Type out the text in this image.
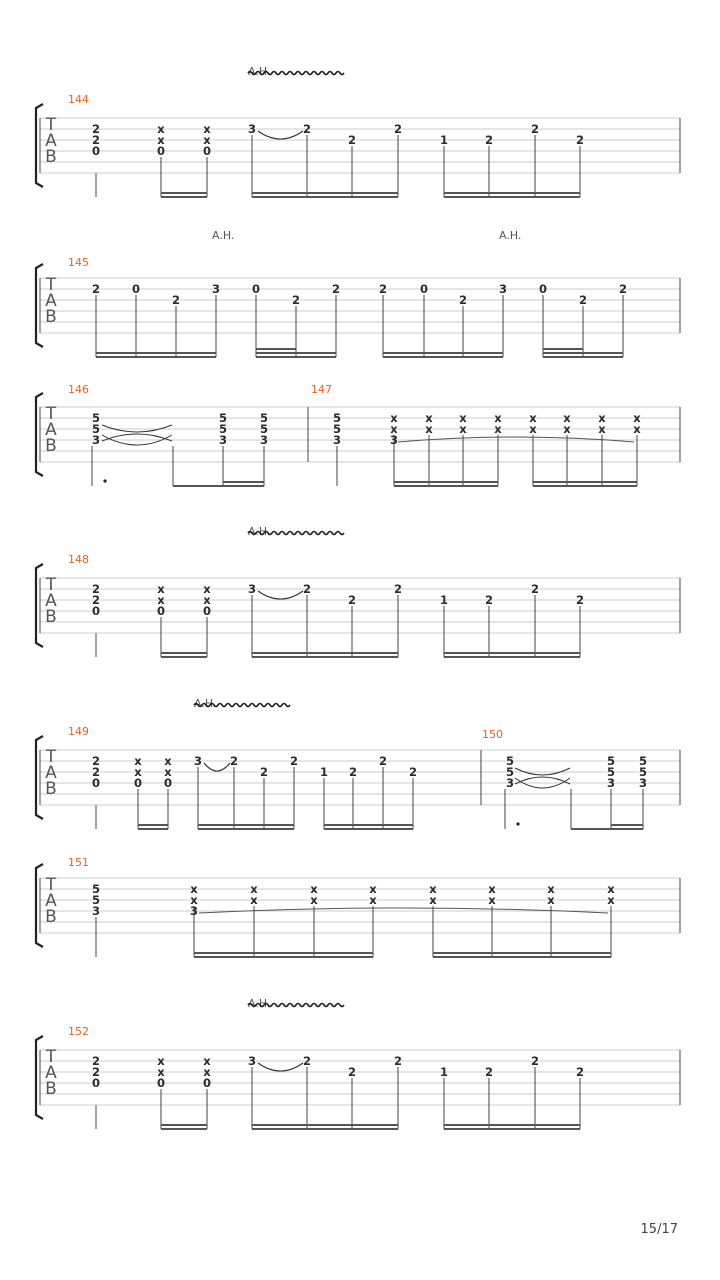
T
A
B
144
A.H.
2
2
0
x
x
0
x
x
0
3	2
2
2
1	2
2
2
T
A
B
145
A.H.	A.H.
2	0
2
3	0
2
2	2	0
2
3	0
2
2
T
A
B
146	147
5
5
3
5
5
3
5
5
3
5
5
3
x
x
3
x
x
x
x
x
x
x
x
x
x
x
x
x
x
T
A
B
148
A.H.
2
2
0
x
x
0
x
x
0
3	2
2
2
1	2
2
2
T
A
B
149
A.H.
2
2
0
x
x
0
x
x
0
3 2
2
2
1 2
2
2
150
5
5
3
5
5
3
5
5
3
T
A
B
151
5
5
3
x
x
3
x
x
x
x
x
x
x
x
x
x
x
x
x
x
T
A
B
152
A.H.
2
2
0
x
x
0
x
x
0
3	2
2
2
1	2
2
2
15/17
